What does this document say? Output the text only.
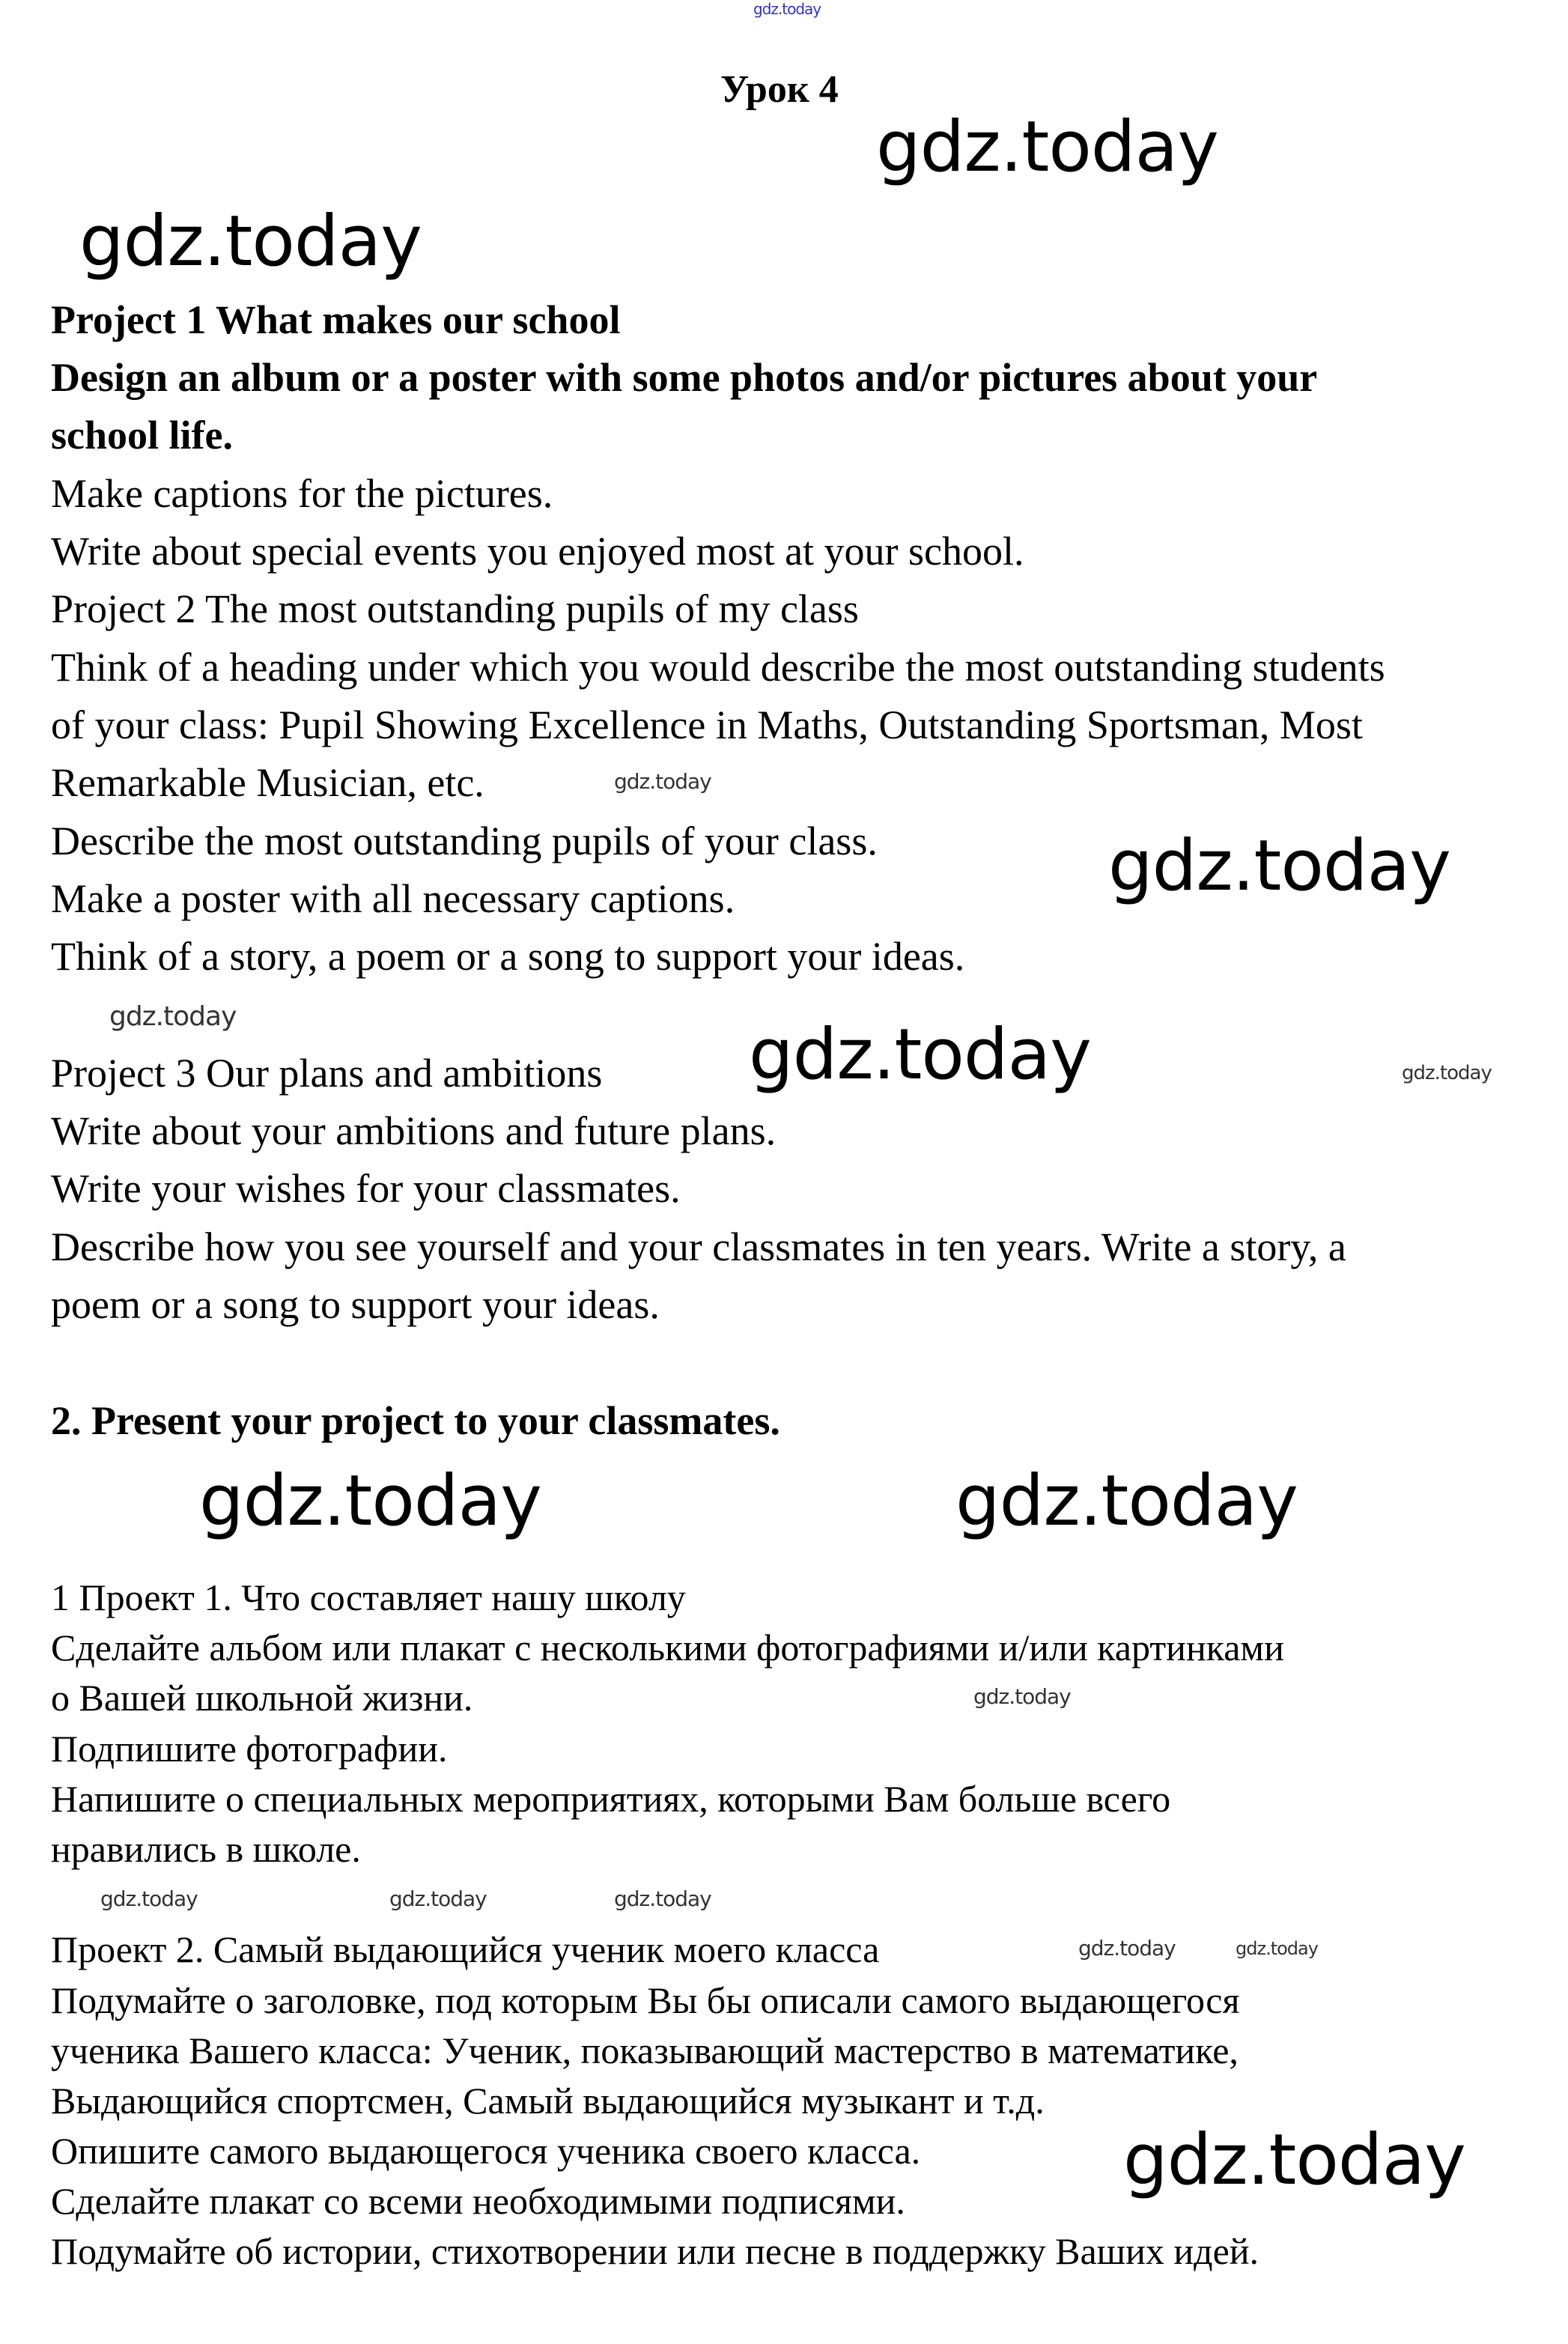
gdz.today
Урок 4
gdz.today
gdz.today
gdz.today
gdz.today
gdz.today	gdz.today
gdz.today
gdz.today
gdz.today
gdz.today
gdz.today	gdz.today
gdz.today	gdz.today	gdz.today
gdz.today
Project 1 What makes our school
Design an album or a poster with some photos and/or pictures about your
school life.
Make captions for the pictures.
Write about special events you enjoyed most at your school.
Project 2 The most outstanding pupils of my class
Think of a heading under which you would describe the most outstanding students
of your class: Pupil Showing Excellence in Maths, Outstanding Sportsman, Most
Remarkable Musician, etc.
Describe the most outstanding pupils of your class.
Make a poster with all necessary captions.
Think of a story, a poem or a song to support your ideas.
Project 3 Our plans and ambitions
Write about your ambitions and future plans.
Write your wishes for your classmates.
Describe how you see yourself and your classmates in ten years. Write a story, a
poem or a song to support your ideas.
2. Present your project to your classmates.
1 Проект 1. Что составляет нашу школу
Сделайте альбом или плакат с несколькими фотографиями и/или картинками
о Вашей школьной жизни.
Подпишите фотографии.
Напишите о специальных мероприятиях, которыми Вам больше всего
нравились в школе.
Проект 2. Самый выдающийся ученик моего класса
Подумайте о заголовке, под которым Вы бы описали самого выдающегося
ученика Вашего класса: Ученик, показывающий мастерство в математике,
Выдающийся спортсмен, Самый выдающийся музыкант и т.д.
Опишите самого выдающегося ученика своего класса.
Сделайте плакат со всеми необходимыми подписями.
Подумайте об истории, стихотворении или песне в поддержку Ваших идей.
